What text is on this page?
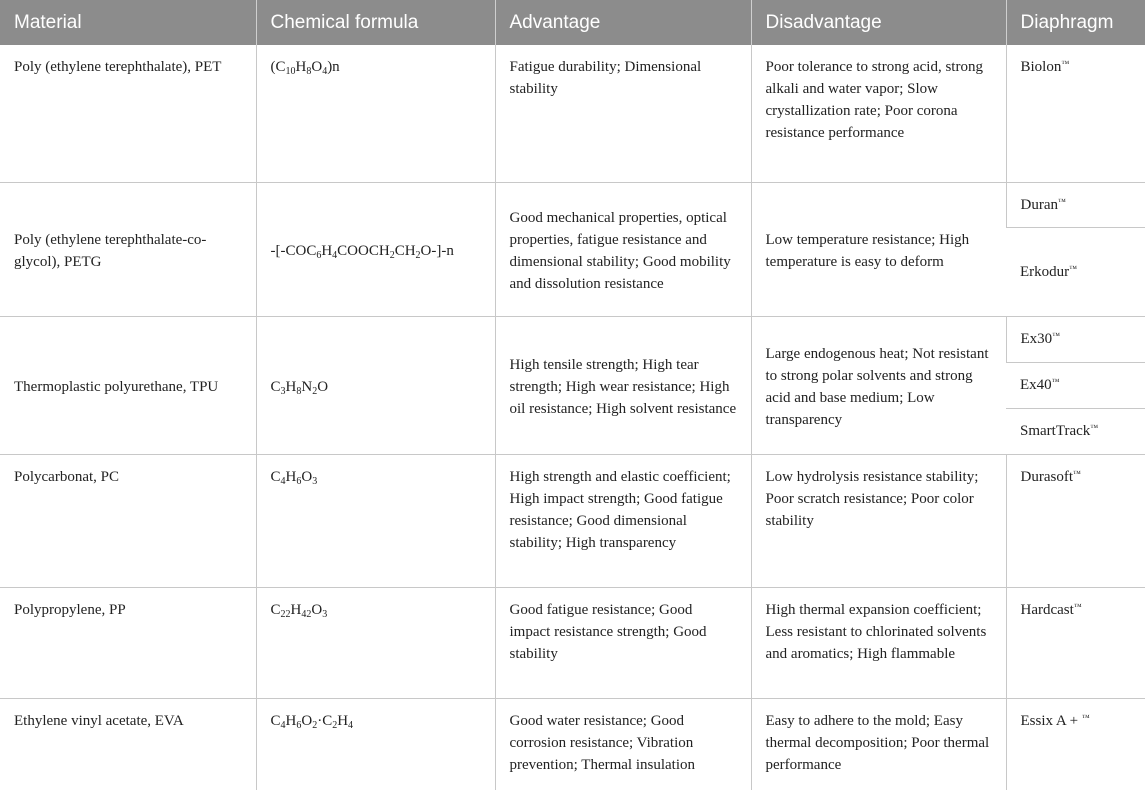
Material	Chemical formula	Advantage	Disadvantage	Diaphragm
Poly (ethylene terephthalate), PET	$(C_{10}H_8O_4)n$	Fatigue durability; Dimensional stability	Poor tolerance to strong acid, strong alkali and water vapor; Slow crystallization rate; Poor corona resistance performance	Biolon™
Poly (ethylene terephthalate-co-glycol), PETG	$-[-COC_6H_4COOCH_2CH_2O-]-n$	Good mechanical properties, optical properties, fatigue resistance and dimensional stability; Good mobility and dissolution resistance	Low temperature resistance; High temperature is easy to deform	Duran™
				Erkodur™
Thermoplastic polyurethane, TPU	$C_3H_8N_2O$	High tensile strength; High tear strength; High wear resistance; High oil resistance; High solvent resistance	Large endogenous heat; Not resistant to strong polar solvents and strong acid and base medium; Low transparency	Ex30™
				Ex40™
				SmartTrack™
Polycarbonat, PC	$C_4H_6O_3$	High strength and elastic coefficient; High impact strength; Good fatigue resistance; Good dimensional stability; High transparency	Low hydrolysis resistance stability; Poor scratch resistance; Poor color stability	Durasoft™
Polypropylene, PP	$C_{22}H_{42}O_3$	Good fatigue resistance; Good impact resistance strength; Good stability	High thermal expansion coefficient; Less resistant to chlorinated solvents and aromatics; High flammable	Hardcast™
Ethylene vinyl acetate, EVA	$C_4H_6O_2\cdot C_2H_4$	Good water resistance; Good corrosion resistance; Vibration prevention; Thermal insulation	Easy to adhere to the mold; Easy thermal decomposition; Poor thermal performance	Essix A + ™
